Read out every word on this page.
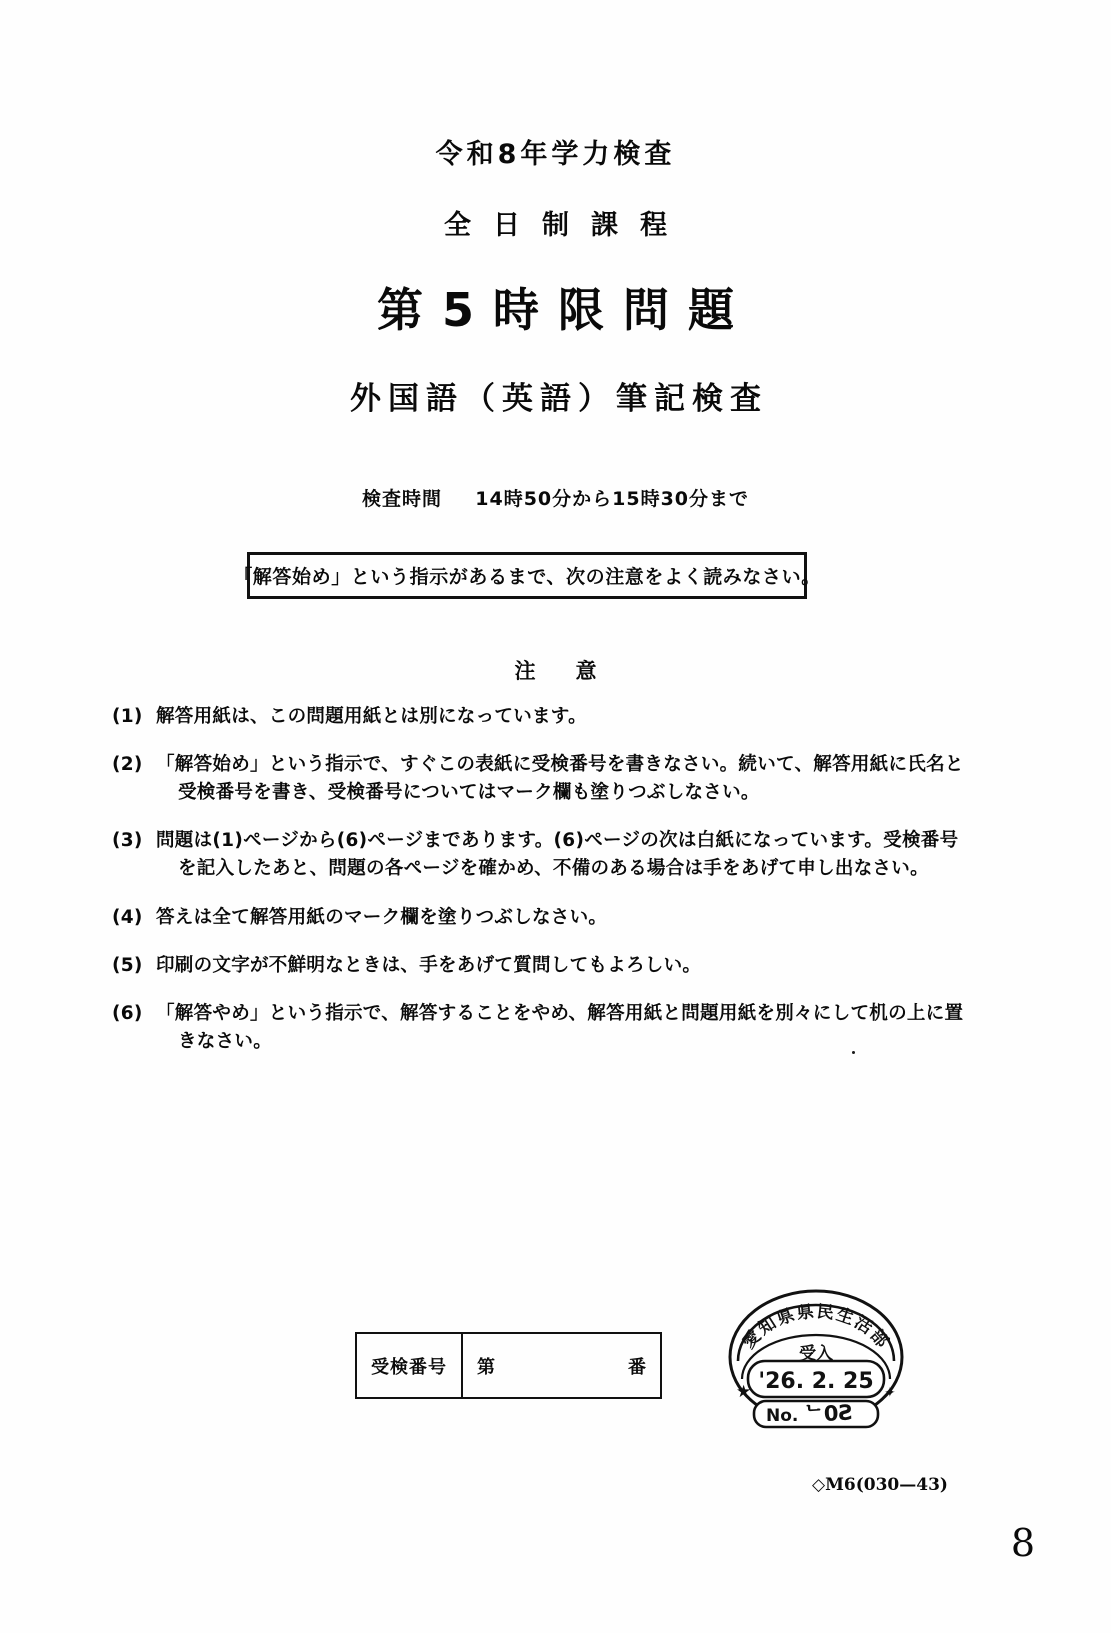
令和8年学力検査
全日制課程
第5時限問題
外国語（英語）筆記検査
検査時間 14時50分から15時30分まで
「解答始め」という指示があるまで、次の注意をよく読みなさい。
注意
(1) 解答用紙は、この問題用紙とは別になっています。
(2) 「解答始め」という指示で、すぐこの表紙に受検番号を書きなさい。続いて、解答用紙に氏名と
受検番号を書き、受検番号についてはマーク欄も塗りつぶしなさい。
(3) 問題は(1)ページから(6)ページまであります。(6)ページの次は白紙になっています。受検番号
を記入したあと、問題の各ページを確かめ、不備のある場合は手をあげて申し出なさい。
(4) 答えは全て解答用紙のマーク欄を塗りつぶしなさい。
(5) 印刷の文字が不鮮明なときは、手をあげて質問してもよろしい。
(6) 「解答やめ」という指示で、解答することをやめ、解答用紙と問題用紙を別々にして机の上に置
きなさい。
受検番号	第	番
★	✦
愛知県県民生活部
受入
'26. 2. 25
No. ᄂ0Ƨ
◇M6(030—43)
8
